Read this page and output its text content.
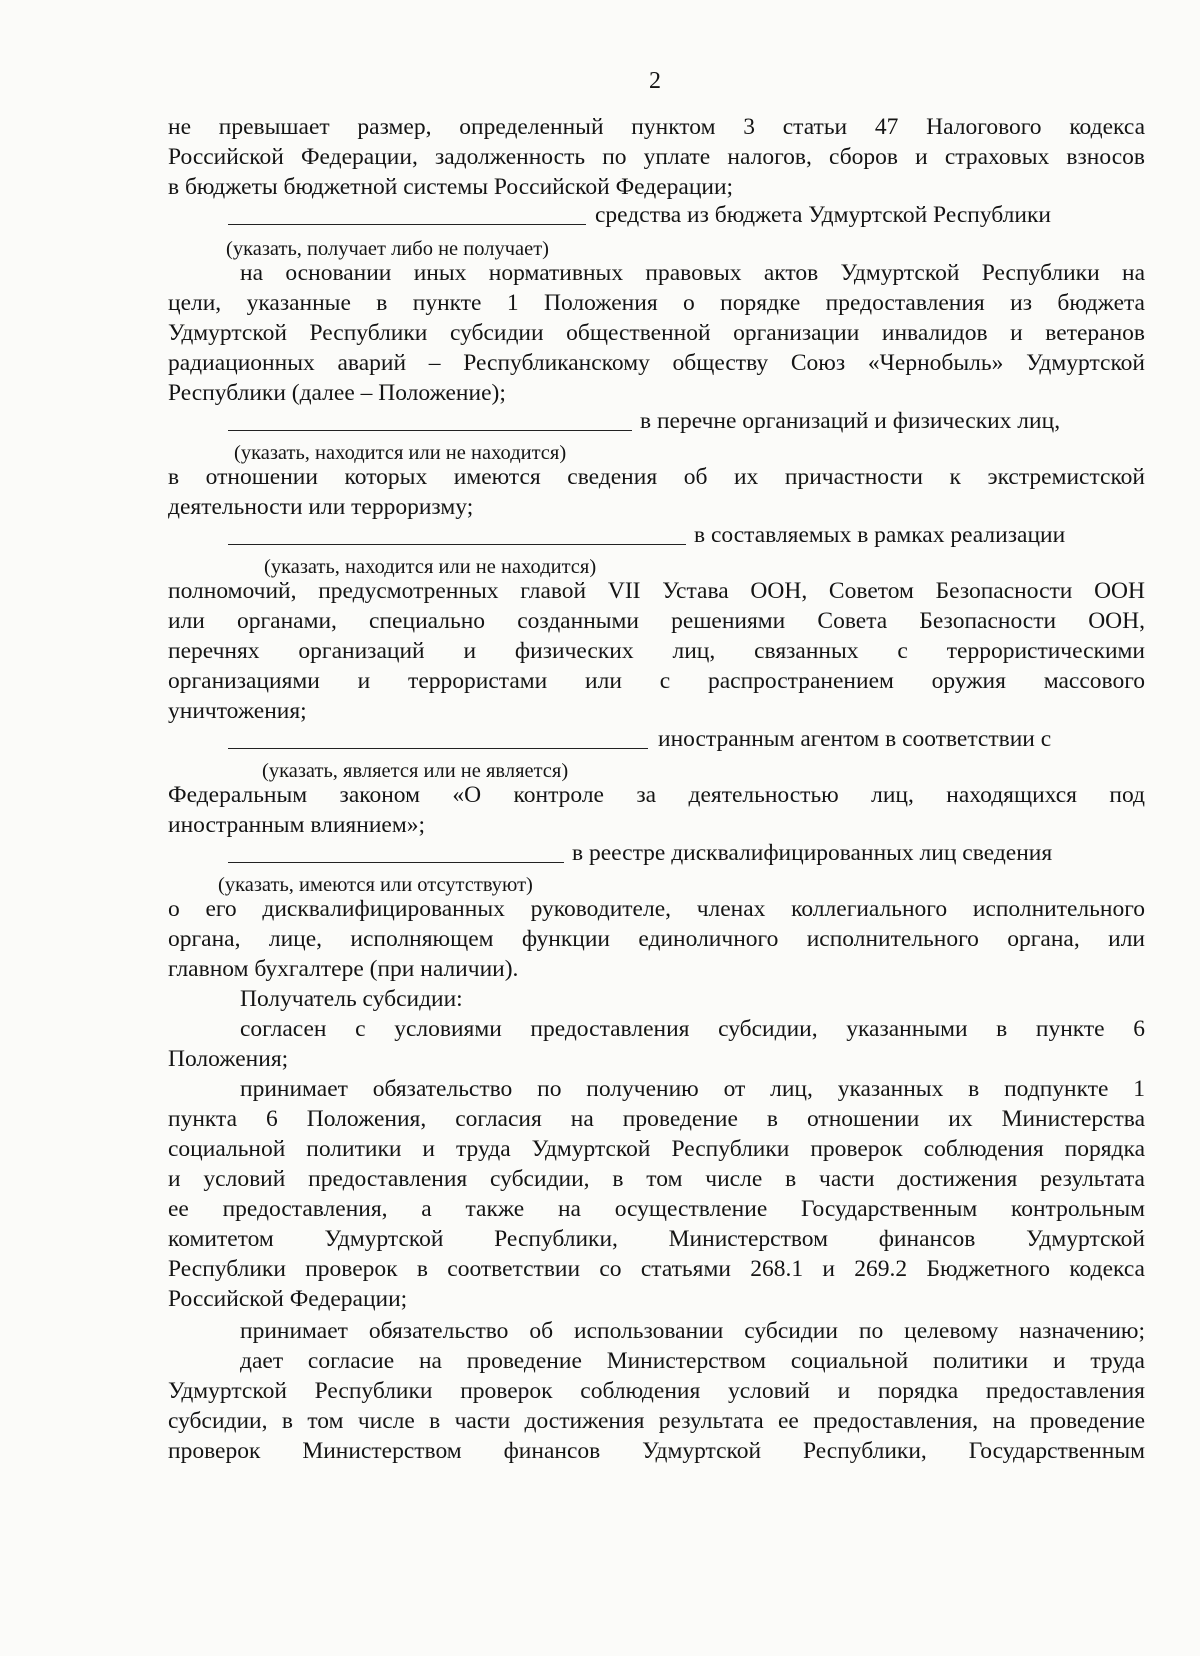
2
не превышает размер, определенный пунктом 3 статьи 47 Налогового кодекса
Российской Федерации, задолженность по уплате налогов, сборов и страховых взносов
в бюджеты бюджетной системы Российской Федерации;
средства из бюджета Удмуртской Республики
(указать, получает либо не получает)
на основании иных нормативных правовых актов Удмуртской Республики на
цели, указанные в пункте 1 Положения о порядке предоставления из бюджета
Удмуртской Республики субсидии общественной организации инвалидов и ветеранов
радиационных аварий – Республиканскому обществу Союз «Чернобыль» Удмуртской
Республики (далее – Положение);
в перечне организаций и физических лиц,
(указать, находится или не находится)
в отношении которых имеются сведения об их причастности к экстремистской
деятельности или терроризму;
в составляемых в рамках реализации
(указать, находится или не находится)
полномочий, предусмотренных главой VII Устава ООН, Советом Безопасности ООН
или органами, специально созданными решениями Совета Безопасности ООН,
перечнях организаций и физических лиц, связанных с террористическими
организациями и террористами или с распространением оружия массового
уничтожения;
иностранным агентом в соответствии с
(указать, является или не является)
Федеральным законом «О контроле за деятельностью лиц, находящихся под
иностранным влиянием»;
в реестре дисквалифицированных лиц сведения
(указать, имеются или отсутствуют)
о его дисквалифицированных руководителе, членах коллегиального исполнительного
органа, лице, исполняющем функции единоличного исполнительного органа, или
главном бухгалтере (при наличии).
Получатель субсидии:
согласен с условиями предоставления субсидии, указанными в пункте 6
Положения;
принимает обязательство по получению от лиц, указанных в подпункте 1
пункта 6 Положения, согласия на проведение в отношении их Министерства
социальной политики и труда Удмуртской Республики проверок соблюдения порядка
и условий предоставления субсидии, в том числе в части достижения результата
ее предоставления, а также на осуществление Государственным контрольным
комитетом Удмуртской Республики, Министерством финансов Удмуртской
Республики проверок в соответствии со статьями 268.1 и 269.2 Бюджетного кодекса
Российской Федерации;
принимает обязательство об использовании субсидии по целевому назначению;
дает согласие на проведение Министерством социальной политики и труда
Удмуртской Республики проверок соблюдения условий и порядка предоставления
субсидии, в том числе в части достижения результата ее предоставления, на проведение
проверок Министерством финансов Удмуртской Республики, Государственным
